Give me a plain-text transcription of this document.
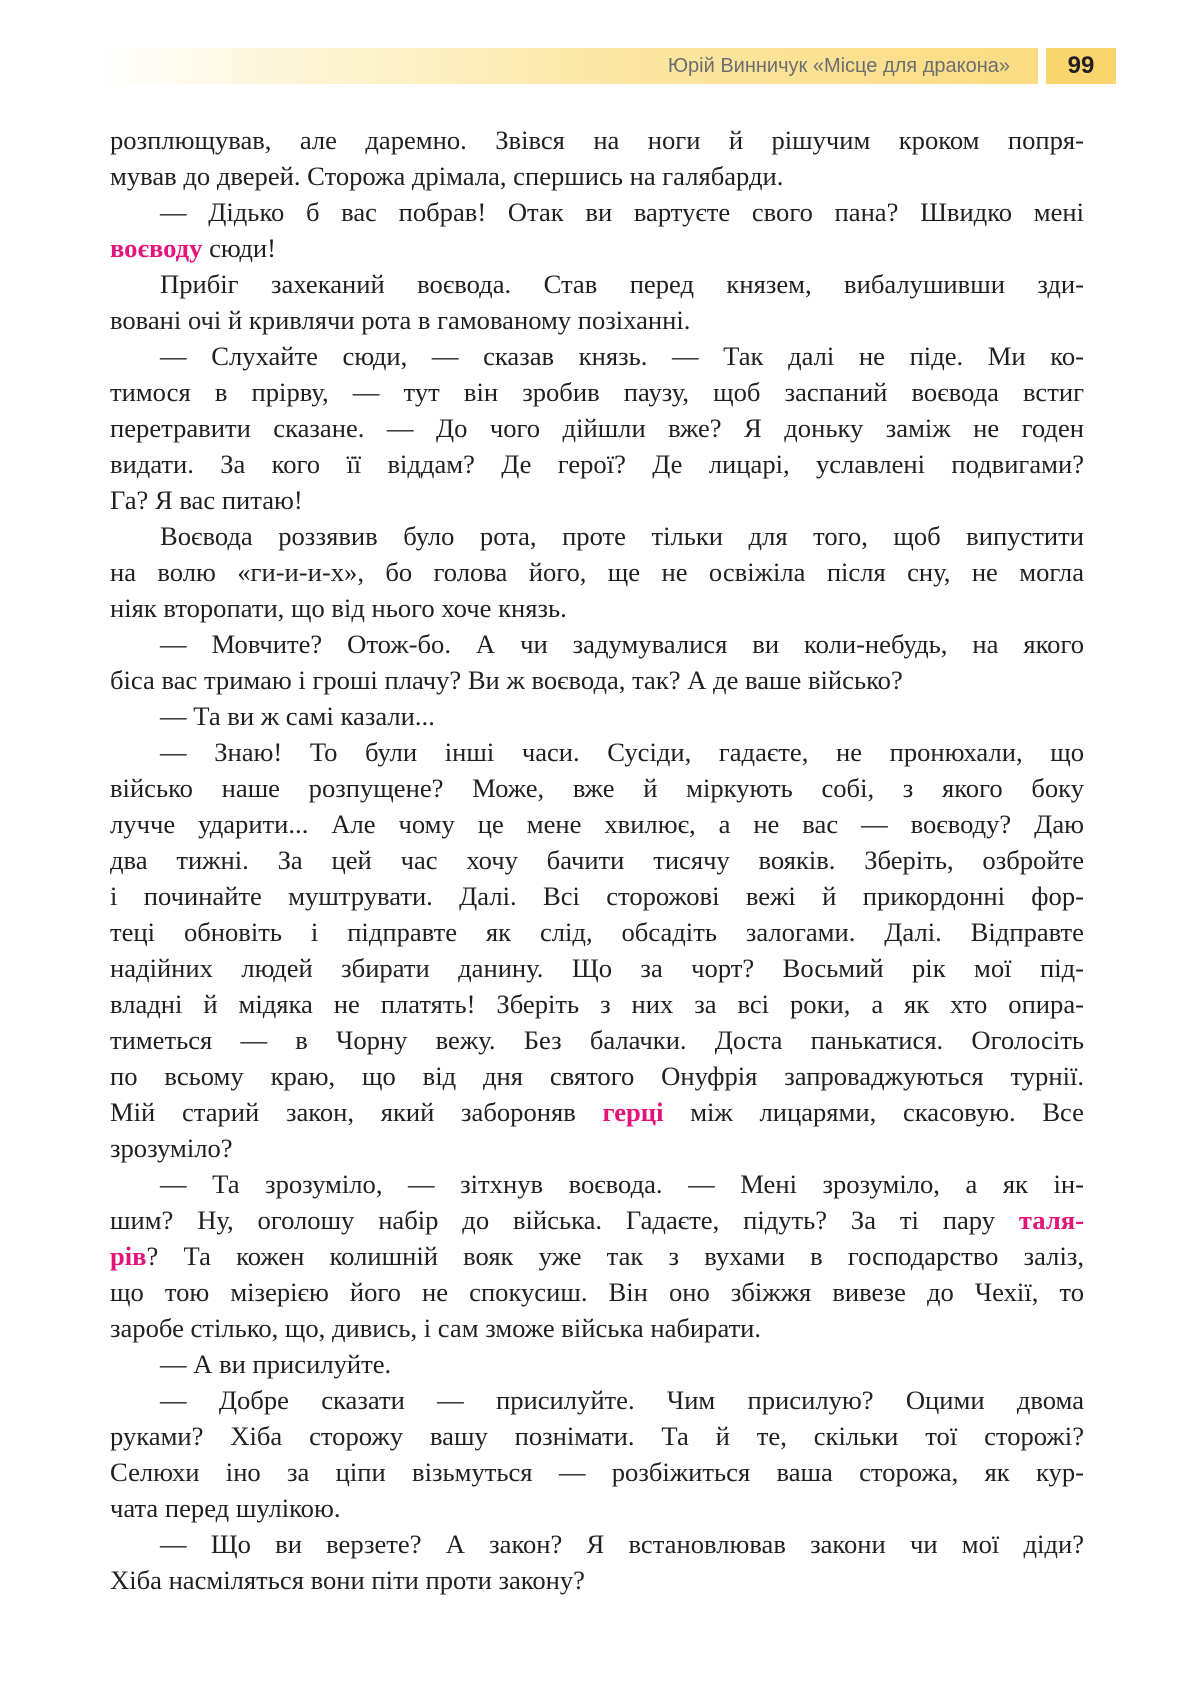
Юрій Винничук «Місце для дракона»	99
розплющував, але даремно. Звівся на ноги й рішучим кроком попря-
мував до дверей. Сторожа дрімала, спершись на галябарди.
— Дідько б вас побрав! Отак ви вартуєте свого пана? Швидко мені
воєводу сюди!
Прибіг захеканий воєвода. Став перед князем, вибалушивши зди-
вовані очі й кривлячи рота в гамованому позіханні.
— Слухайте сюди, — сказав князь. — Так далі не піде. Ми ко-
тимося в прірву, — тут він зробив паузу, щоб заспаний воєвода встиг
перетравити сказане. — До чого дійшли вже? Я доньку заміж не годен
видати. За кого її віддам? Де герої? Де лицарі, уславлені подвигами?
Га? Я вас питаю!
Воєвода роззявив було рота, проте тільки для того, щоб випустити
на волю «ги-и-и-х», бо голова його, ще не освіжіла після сну, не могла
ніяк второпати, що від нього хоче князь.
— Мовчите? Отож-бо. А чи задумувалися ви коли-небудь, на якого
біса вас тримаю і гроші плачу? Ви ж воєвода, так? А де ваше військо?
— Та ви ж самі казали...
— Знаю! То були інші часи. Сусіди, гадаєте, не пронюхали, що
військо наше розпущене? Може, вже й міркують собі, з якого боку
лучче ударити... Але чому це мене хвилює, а не вас — воєводу? Даю
два тижні. За цей час хочу бачити тисячу вояків. Зберіть, озбройте
і починайте муштрувати. Далі. Всі сторожові вежі й прикордонні фор-
теці обновіть і підправте як слід, обсадіть залогами. Далі. Відправте
надійних людей збирати данину. Що за чорт? Восьмий рік мої під-
владні й мідяка не платять! Зберіть з них за всі роки, а як хто опира-
тиметься — в Чорну вежу. Без балачки. Доста панькатися. Оголосіть
по всьому краю, що від дня святого Онуфрія запроваджуються турнії.
Мій старий закон, який забороняв герці між лицарями, скасовую. Все
зрозуміло?
— Та зрозуміло, — зітхнув воєвода. — Мені зрозуміло, а як ін-
шим? Ну, оголошу набір до війська. Гадаєте, підуть? За ті пару таля-
рів? Та кожен колишній вояк уже так з вухами в господарство заліз,
що тою мізерією його не спокусиш. Він оно збіжжя вивезе до Чехії, то
заробе стілько, що, дивись, і сам зможе війська набирати.
— А ви присилуйте.
— Добре сказати — присилуйте. Чим присилую? Оцими двома
руками? Хіба сторожу вашу познімати. Та й те, скільки тої сторожі?
Селюхи іно за ціпи візьмуться — розбіжиться ваша сторожа, як кур-
чата перед шулікою.
— Що ви верзете? А закон? Я встановлював закони чи мої діди?
Хіба насміляться вони піти проти закону?
